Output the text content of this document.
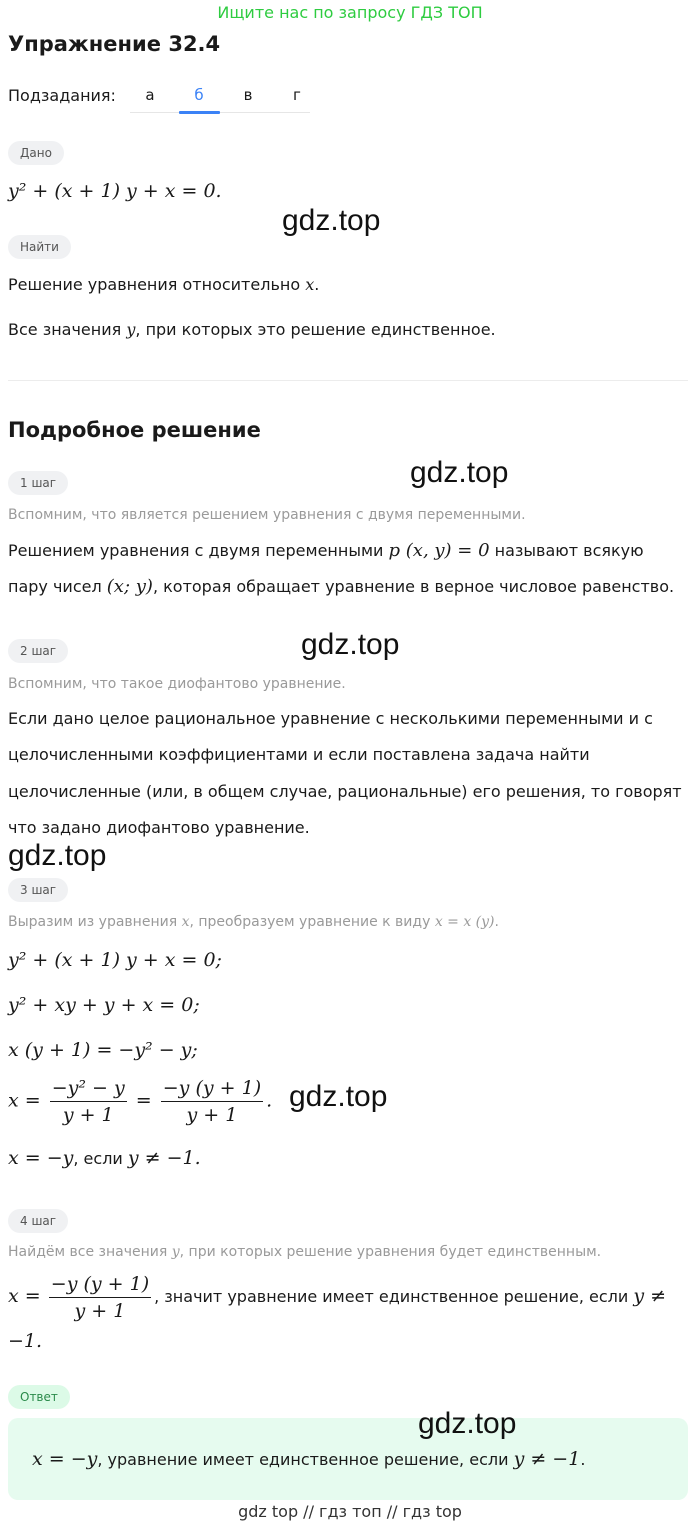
Ищите нас по запросу ГДЗ ТОП
Упражнение 32.4
Подзадания:	а	б	в	г
Дано
y² + (x + 1) y + x = 0.
Найти
Решение уравнения относительно x.
Все значения y, при которых это решение единственное.
Подробное решение
1 шаг
Вспомним, что является решением уравнения с двумя переменными.
Решением уравнения с двумя переменными p (x, y) = 0 называют всякую
пару чисел (x; y), которая обращает уравнение в верное числовое равенство.
2 шаг
Вспомним, что такое диофантово уравнение.
Если дано целое рациональное уравнение с несколькими переменными и с
целочисленными коэффициентами и если поставлена задача найти
целочисленные (или, в общем случае, рациональные) его решения, то говорят
что задано диофантово уравнение.
3 шаг
Выразим из уравнения x, преобразуем уравнение к виду x = x (y).
y² + (x + 1) y + x = 0;
y² + xy + y + x = 0;
x (y + 1) = −y² − y;
$x = \frac{\text{−y² − y}}{y + 1} = \frac{-y (y + 1)}{y + 1}$ .
x = −y, если y ≠ −1.
4 шаг
Найдём все значения y, при которых решение уравнения будет единственным.
$x = \frac{-y (y + 1)}{y + 1}$ , значит уравнение имеет единственное решение, если y ≠
−1.
Ответ
x = −y, уравнение имеет единственное решение, если y ≠ −1.
gdz.top
gdz.top
gdz.top
gdz.top
gdz.top
gdz.top
gdz top // гдз топ // гдз top
